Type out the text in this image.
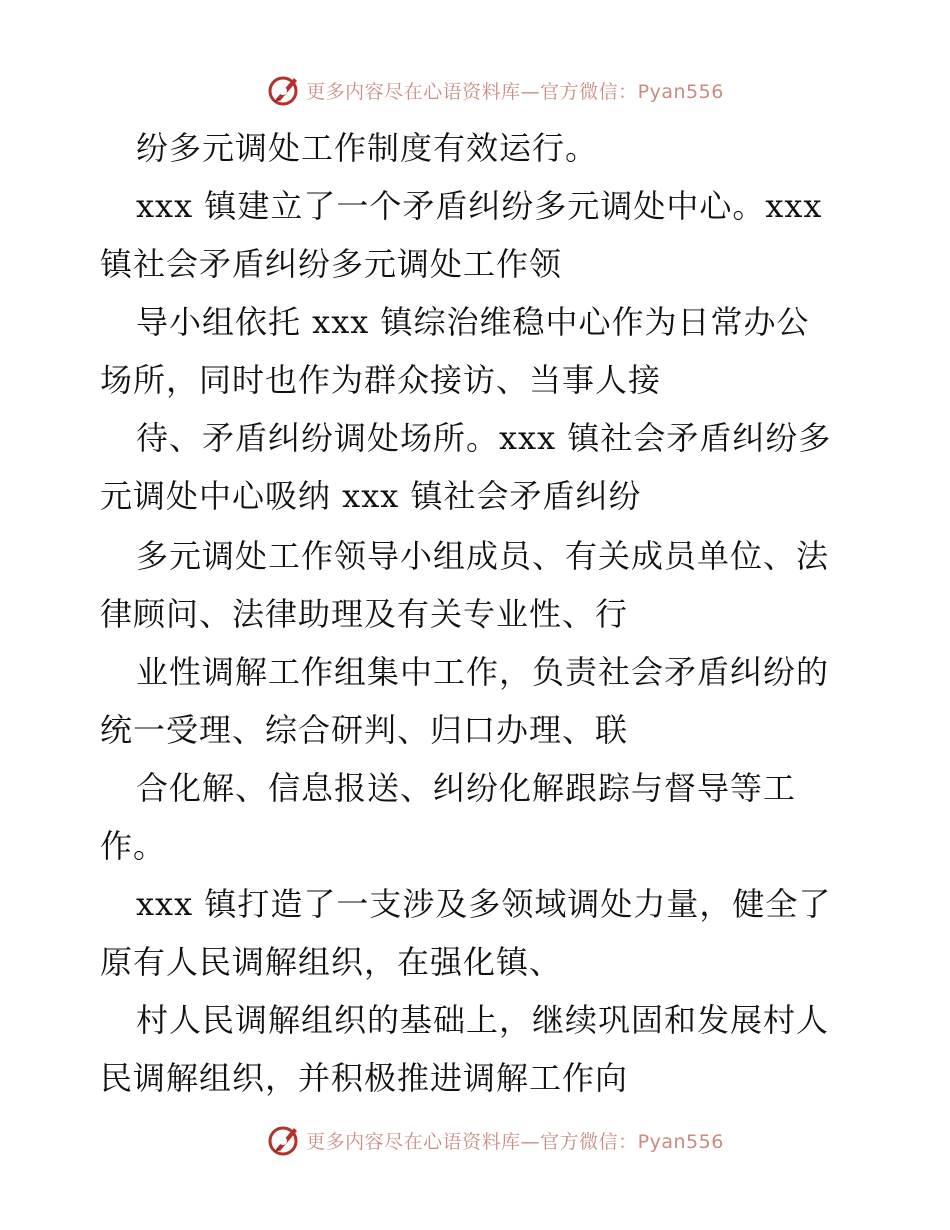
更多内容尽在心语资料库—官方微信：Pyan556
纷多元调处工作制度有效运行。
xxx 镇建立了一个矛盾纠纷多元调处中心。xxx
镇社会矛盾纠纷多元调处工作领
导小组依托 xxx 镇综治维稳中心作为日常办公
场所，同时也作为群众接访、当事人接
待、矛盾纠纷调处场所。xxx 镇社会矛盾纠纷多
元调处中心吸纳 xxx 镇社会矛盾纠纷
多元调处工作领导小组成员、有关成员单位、法
律顾问、法律助理及有关专业性、行
业性调解工作组集中工作，负责社会矛盾纠纷的
统一受理、综合研判、归口办理、联
合化解、信息报送、纠纷化解跟踪与督导等工
作。
xxx 镇打造了一支涉及多领域调处力量，健全了
原有人民调解组织，在强化镇、
村人民调解组织的基础上，继续巩固和发展村人
民调解组织，并积极推进调解工作向
更多内容尽在心语资料库—官方微信：Pyan556
